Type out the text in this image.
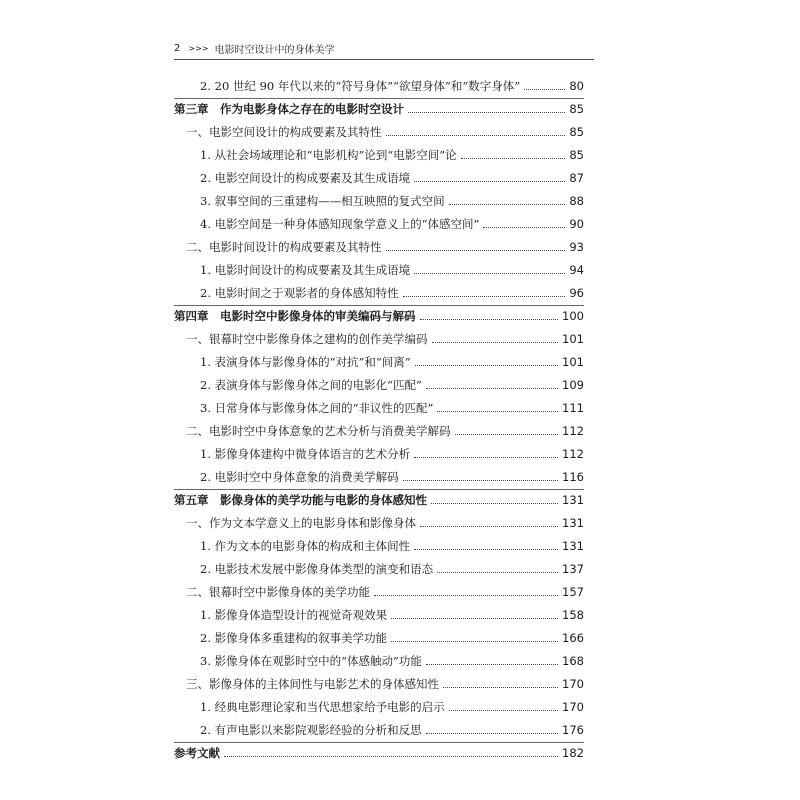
2 >>> 电影时空设计中的身体美学
2. 20 世纪 90 年代以来的“符号身体”“欲望身体”和“数字身体”	80
第三章　作为电影身体之存在的电影时空设计	85
一、电影空间设计的构成要素及其特性	85
1. 从社会场域理论和“电影机构”论到“电影空间”论	85
2. 电影空间设计的构成要素及其生成语境	87
3. 叙事空间的三重建构——相互映照的复式空间	88
4. 电影空间是一种身体感知现象学意义上的“体感空间”	90
二、电影时间设计的构成要素及其特性	93
1. 电影时间设计的构成要素及其生成语境	94
2. 电影时间之于观影者的身体感知特性	96
第四章　电影时空中影像身体的审美编码与解码	100
一、银幕时空中影像身体之建构的创作美学编码	101
1. 表演身体与影像身体的“对抗”和“间离”	101
2. 表演身体与影像身体之间的电影化“匹配”	109
3. 日常身体与影像身体之间的“非议性的匹配”	111
二、电影时空中身体意象的艺术分析与消费美学解码	112
1. 影像身体建构中微身体语言的艺术分析	112
2. 电影时空中身体意象的消费美学解码	116
第五章　影像身体的美学功能与电影的身体感知性	131
一、作为文本学意义上的电影身体和影像身体	131
1. 作为文本的电影身体的构成和主体间性	131
2. 电影技术发展中影像身体类型的演变和语态	137
二、银幕时空中影像身体的美学功能	157
1. 影像身体造型设计的视觉奇观效果	158
2. 影像身体多重建构的叙事美学功能	166
3. 影像身体在观影时空中的“体感触动”功能	168
三、影像身体的主体间性与电影艺术的身体感知性	170
1. 经典电影理论家和当代思想家给予电影的启示	170
2. 有声电影以来影院观影经验的分析和反思	176
参考文献	182
